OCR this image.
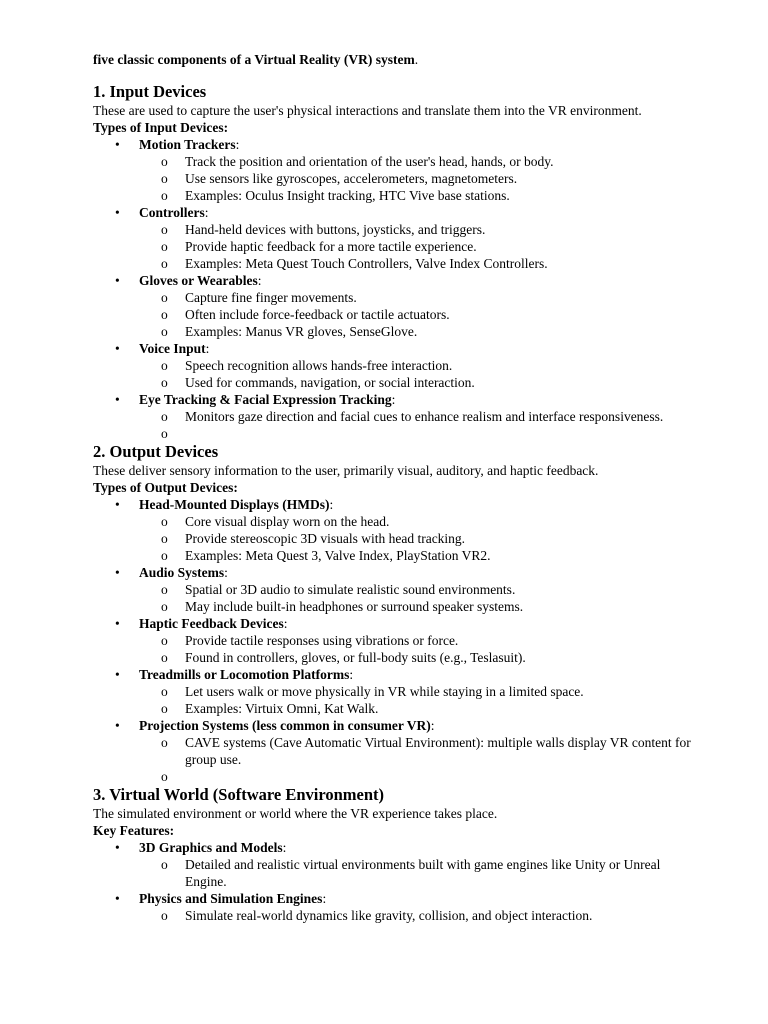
five classic components of a Virtual Reality (VR) system.

1. Input Devices

These are used to capture the user's physical interactions and translate them into the VR environment.

Types of Input Devices:

• Motion Trackers:
o Track the position and orientation of the user's head, hands, or body.
o Use sensors like gyroscopes, accelerometers, magnetometers.
o Examples: Oculus Insight tracking, HTC Vive base stations.
• Controllers:
o Hand-held devices with buttons, joysticks, and triggers.
o Provide haptic feedback for a more tactile experience.
o Examples: Meta Quest Touch Controllers, Valve Index Controllers.
• Gloves or Wearables:
o Capture fine finger movements.
o Often include force-feedback or tactile actuators.
o Examples: Manus VR gloves, SenseGlove.
• Voice Input:
o Speech recognition allows hands-free interaction.
o Used for commands, navigation, or social interaction.
• Eye Tracking & Facial Expression Tracking:
o Monitors gaze direction and facial cues to enhance realism and interface responsiveness.
o

2. Output Devices

These deliver sensory information to the user, primarily visual, auditory, and haptic feedback.

Types of Output Devices:

• Head-Mounted Displays (HMDs):
o Core visual display worn on the head.
o Provide stereoscopic 3D visuals with head tracking.
o Examples: Meta Quest 3, Valve Index, PlayStation VR2.
• Audio Systems:
o Spatial or 3D audio to simulate realistic sound environments.
o May include built-in headphones or surround speaker systems.
• Haptic Feedback Devices:
o Provide tactile responses using vibrations or force.
o Found in controllers, gloves, or full-body suits (e.g., Teslasuit).
• Treadmills or Locomotion Platforms:
o Let users walk or move physically in VR while staying in a limited space.
o Examples: Virtuix Omni, Kat Walk.
• Projection Systems (less common in consumer VR):
o CAVE systems (Cave Automatic Virtual Environment): multiple walls display VR content for group use.
o

3. Virtual World (Software Environment)

The simulated environment or world where the VR experience takes place.

Key Features:

• 3D Graphics and Models:
o Detailed and realistic virtual environments built with game engines like Unity or Unreal Engine.
• Physics and Simulation Engines:
o Simulate real-world dynamics like gravity, collision, and object interaction.
